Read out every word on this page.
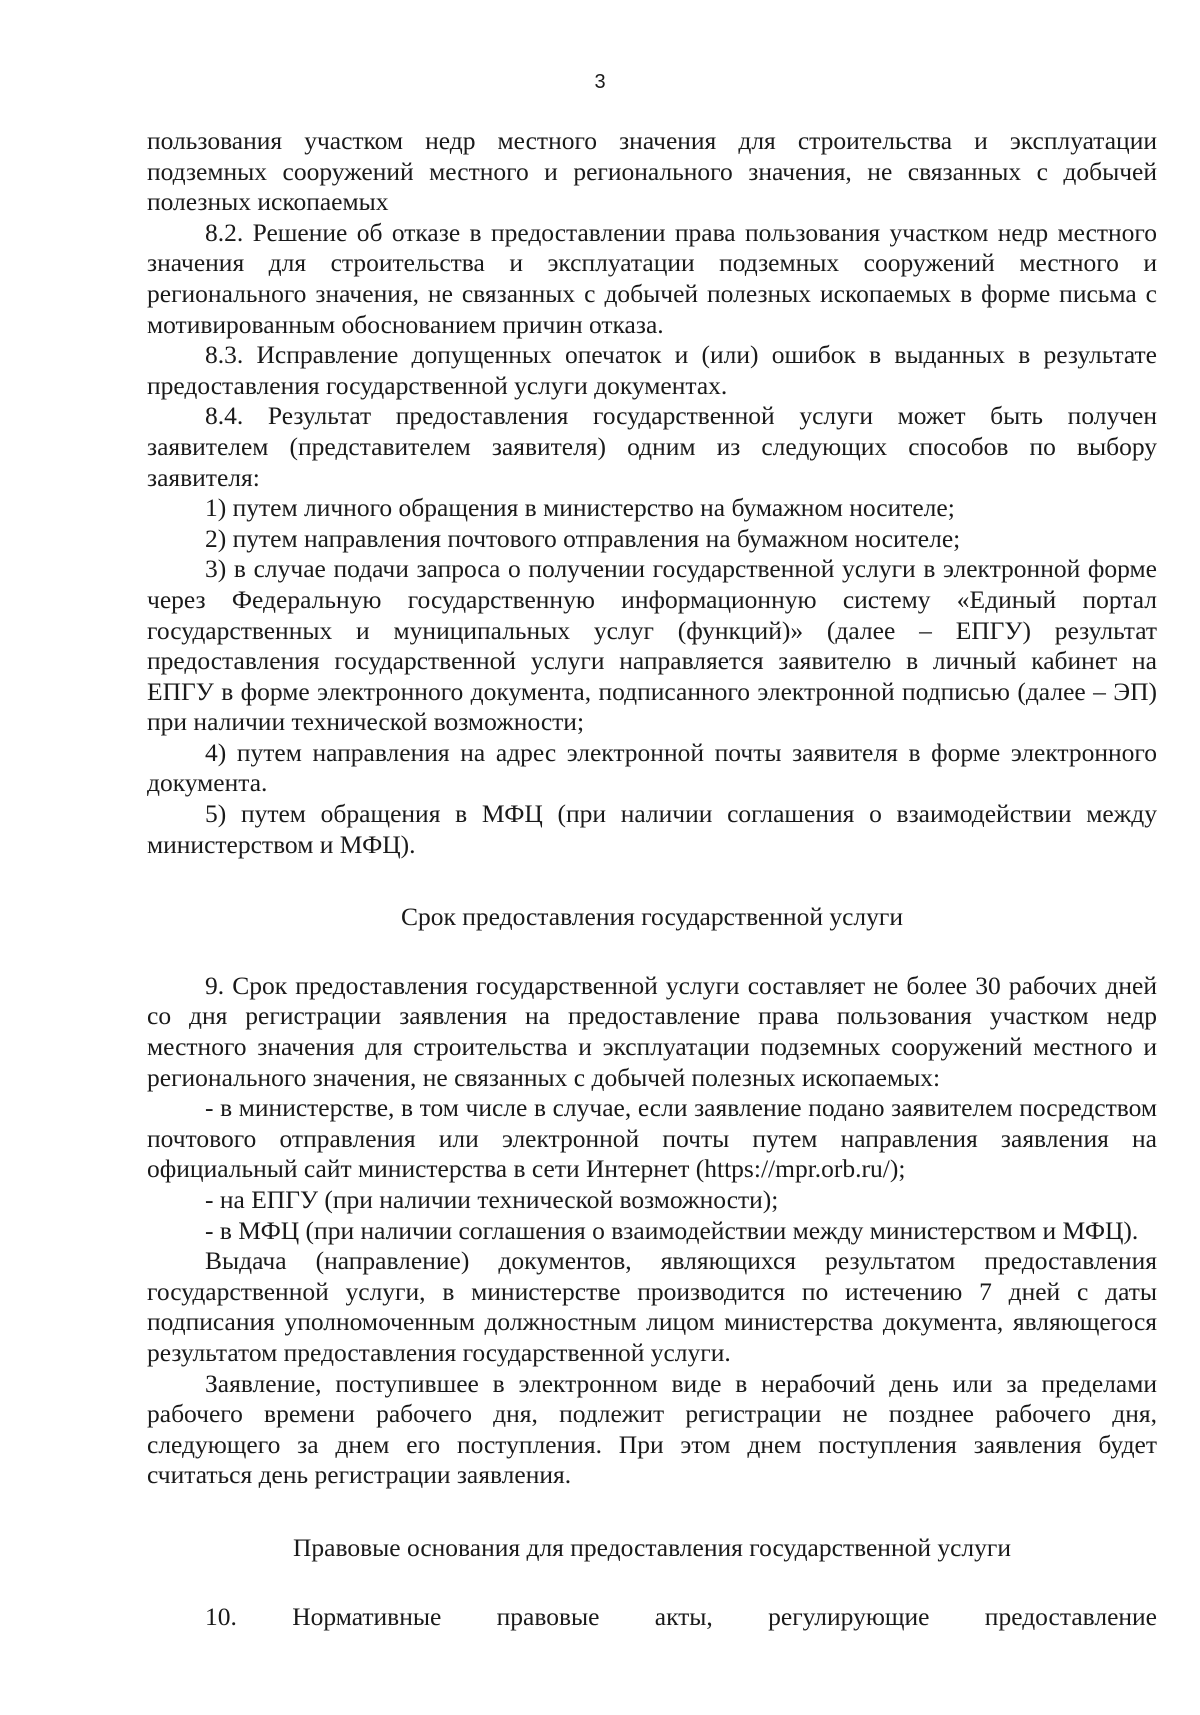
3

пользования участком недр местного значения для строительства и эксплуатации подземных сооружений местного и регионального значения, не связанных с добычей полезных ископаемых

8.2. Решение об отказе в предоставлении права пользования участком недр местного значения для строительства и эксплуатации подземных сооружений местного и регионального значения, не связанных с добычей полезных ископаемых в форме письма с мотивированным обоснованием причин отказа.

8.3. Исправление допущенных опечаток и (или) ошибок в выданных в результате предоставления государственной услуги документах.

8.4. Результат предоставления государственной услуги может быть получен заявителем (представителем заявителя) одним из следующих способов по выбору заявителя:

1) путем личного обращения в министерство на бумажном носителе;

2) путем направления почтового отправления на бумажном носителе;

3) в случае подачи запроса о получении государственной услуги в электронной форме через Федеральную государственную информационную систему «Единый портал государственных и муниципальных услуг (функций)» (далее – ЕПГУ) результат предоставления государственной услуги направляется заявителю в личный кабинет на ЕПГУ в форме электронного документа, подписанного электронной подписью (далее – ЭП) при наличии технической возможности;

4) путем направления на адрес электронной почты заявителя в форме электронного документа.

5) путем обращения в МФЦ (при наличии соглашения о взаимодействии между министерством и МФЦ).

Срок предоставления государственной услуги

9. Срок предоставления государственной услуги составляет не более 30 рабочих дней со дня регистрации заявления на предоставление права пользования участком недр местного значения для строительства и эксплуатации подземных сооружений местного и регионального значения, не связанных с добычей полезных ископаемых:

- в министерстве, в том числе в случае, если заявление подано заявителем посредством почтового отправления или электронной почты путем направления заявления на официальный сайт министерства в сети Интернет (https://mpr.orb.ru/);

- на ЕПГУ (при наличии технической возможности);

- в МФЦ (при наличии соглашения о взаимодействии между министерством и МФЦ).

Выдача (направление) документов, являющихся результатом предоставления государственной услуги, в министерстве производится по истечению 7 дней с даты подписания уполномоченным должностным лицом министерства документа, являющегося результатом предоставления государственной услуги.

Заявление, поступившее в электронном виде в нерабочий день или за пределами рабочего времени рабочего дня, подлежит регистрации не позднее рабочего дня, следующего за днем его поступления. При этом днем поступления заявления будет считаться день регистрации заявления.

Правовые основания для предоставления государственной услуги

10. Нормативные правовые акты, регулирующие предоставление
